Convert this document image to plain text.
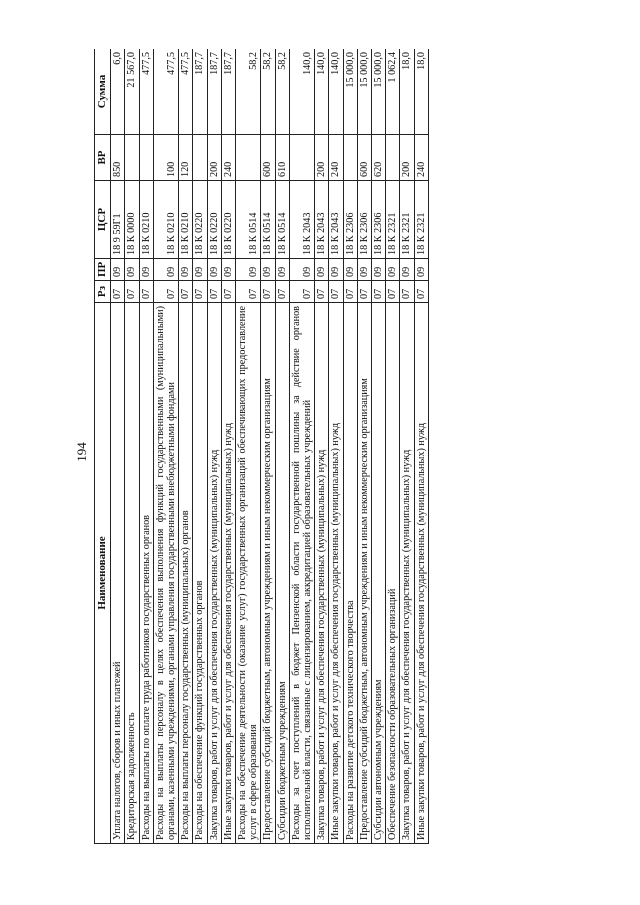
194
Наименование	Рз	ПР	ЦСР	ВР	Сумма
Уплата налогов, сборов и иных платежей	07	09	18 9 59Г1	850	6,0
Кредиторская задолженность	07	09	18 К 0000		21 567,0
Расходы на выплаты по оплате труда работников государственных органов	07	09	18 К 0210		477,5
Расходы на выплаты персоналу в целях обеспечения выполнения функций государственными (муниципальными) органами, казенными учреждениями, органами управления государственными внебюджетными фондами	07	09	18 К 0210	100	477,5
Расходы на выплаты персоналу государственных (муниципальных) органов	07	09	18 К 0210	120	477,5
Расходы на обеспечение функций государственных органов	07	09	18 К 0220		187,7
Закупка товаров, работ и услуг для обеспечения государственных (муниципальных) нужд	07	09	18 К 0220	200	187,7
Иные закупки товаров, работ и услуг для обеспечения государственных (муниципальных) нужд	07	09	18 К 0220	240	187,7
Расходы на обеспечение деятельности (оказание услуг) государственных организаций обеспечивающих предоставление услуг в сфере образования	07	09	18 К 0514		58,2
Предоставление субсидий бюджетным, автономным учреждениям и иным некоммерческим организациям	07	09	18 К 0514	600	58,2
Субсидии бюджетным учреждениям	07	09	18 К 0514	610	58,2
Расходы за счет поступлений в бюджет Пензенской области государственной пошлины за действие органов исполнительной власти, связанные с лицензированием, аккредитацией образовательных учреждений	07	09	18 К 2043		140,0
Закупка товаров, работ и услуг для обеспечения государственных (муниципальных) нужд	07	09	18 К 2043	200	140,0
Иные закупки товаров, работ и услуг для обеспечения государственных (муниципальных) нужд	07	09	18 К 2043	240	140,0
Расходы на развитие детского технического творчества	07	09	18 К 2306		15 000,0
Предоставление субсидий бюджетным, автономным учреждениям и иным некоммерческим организациям	07	09	18 К 2306	600	15 000,0
Субсидии автономным учреждениям	07	09	18 К 2306	620	15 000,0
Обеспечение безопасности образовательных организаций	07	09	18 К 2321		1 062,4
Закупка товаров, работ и услуг для обеспечения государственных (муниципальных) нужд	07	09	18 К 2321	200	18,0
Иные закупки товаров, работ и услуг для обеспечения государственных (муниципальных) нужд	07	09	18 К 2321	240	18,0
